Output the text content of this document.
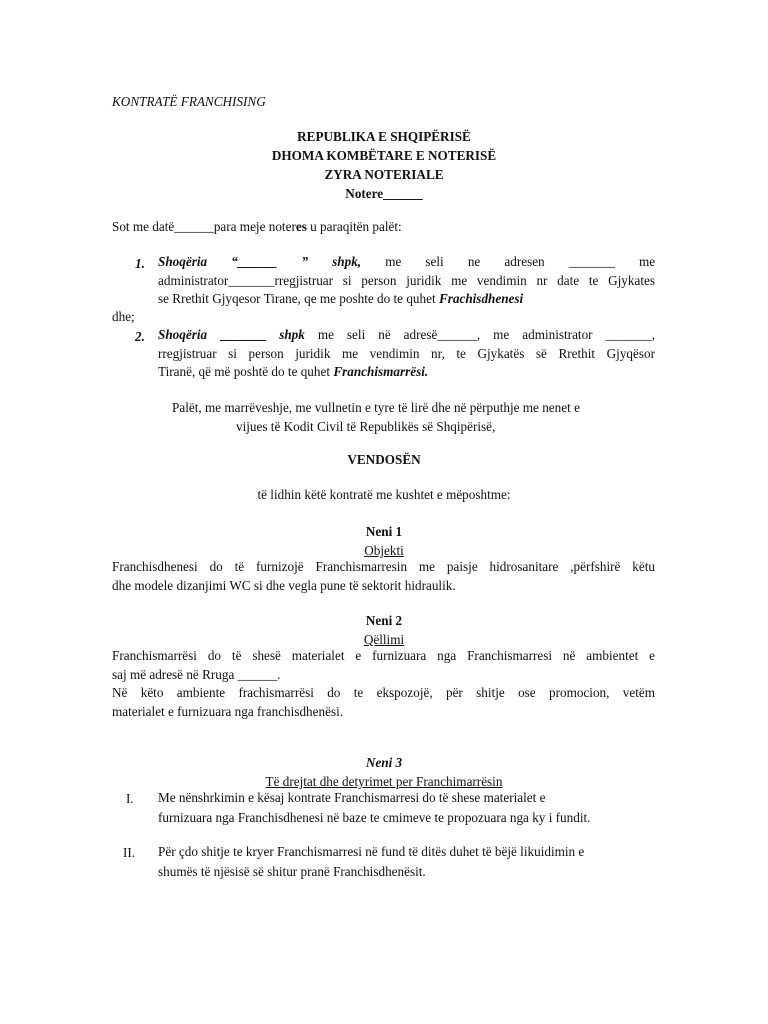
KONTRATË FRANCHISING
REPUBLIKA E SHQIPËRISË
DHOMA KOMBËTARE E NOTERISË
ZYRA NOTERIALE
Notere______
Sot me datë______para meje noteres u paraqitën palët:
1. Shoqëria “______ ” shpk, me seli ne adresen _______ me
administrator_______rregjistruar si person juridik me vendimin nr date te Gjykates
se Rrethit Gjyqesor Tirane, qe me poshte do te quhet Frachisdhenesi
dhe;
2. Shoqëria _______ shpk me seli në adresë______, me administrator _______,
rregjistruar si person juridik me vendimin nr, te Gjykatës së Rrethit Gjyqësor
Tiranë, që më poshtë do te quhet Franchismarrësi.
Palët, me marrëveshje, me vullnetin e tyre të lirë dhe në përputhje me nenet e
vijues të Kodit Civil të Republikës së Shqipërisë,
VENDOSËN
të lidhin këtë kontratë me kushtet e mëposhtme:
Neni 1
Objekti
Franchisdhenesi do të furnizojë Franchismarresin me paisje hidrosanitare ,përfshirë këtu
dhe modele dizanjimi WC si dhe vegla pune të sektorit hidraulik.
Neni 2
Qëllimi
Franchismarrësi do të shesë materialet e furnizuara nga Franchismarresi në ambientet e
saj më adresë në Rruga ______.
Në këto ambiente frachismarrësi do te ekspozojë, për shitje ose promocion, vetëm
materialet e furnizuara nga franchisdhenësi.
Neni 3
Të drejtat dhe detyrimet per Franchimarrësin
I. Me nënshrkimin e kësaj kontrate Franchismarresi do të shese materialet e
furnizuara nga Franchisdhenesi në baze te cmimeve te propozuara nga ky i fundit.
II. Për çdo shitje te kryer Franchismarresi në fund të ditës duhet të bëjë likuidimin e
shumës të njësisë së shitur pranë Franchisdhenësit.
